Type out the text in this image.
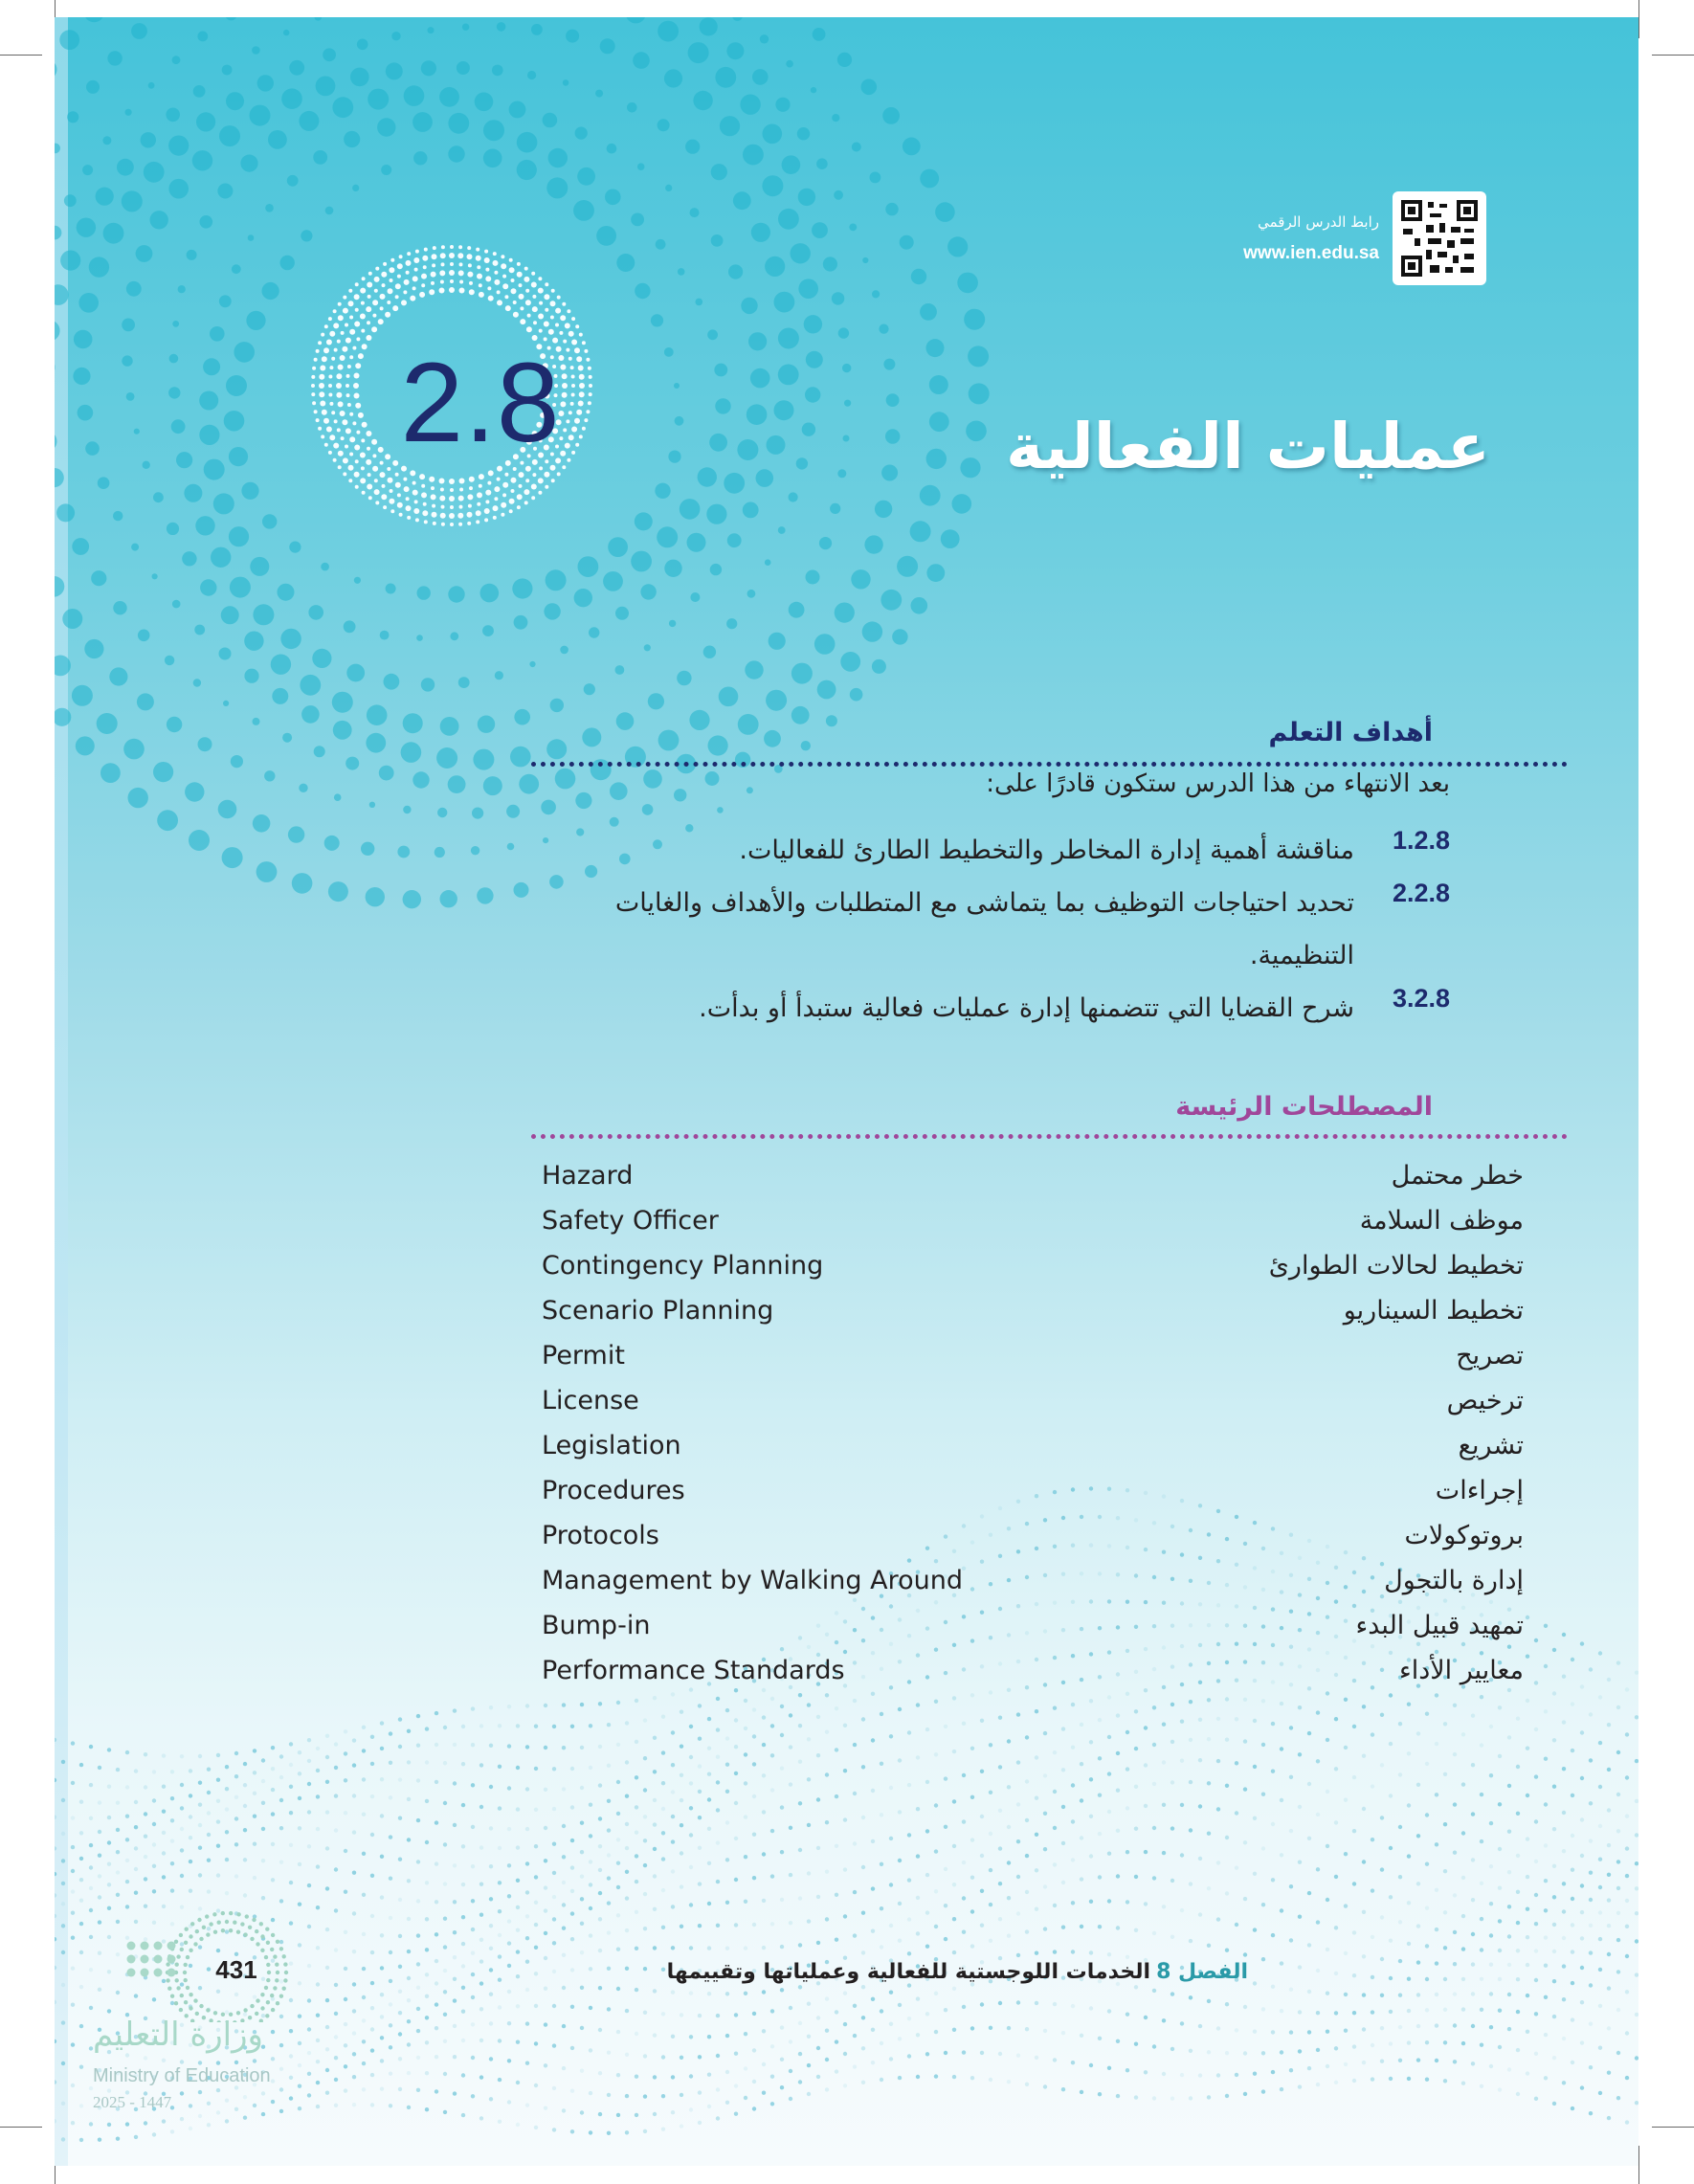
رابط الدرس الرقمي
www.ien.edu.sa
2.8	عمليات الفعالية
أهداف التعلم
بعد الانتهاء من هذا الدرس ستكون قادرًا على:
1.2.8
مناقشة أهمية إدارة المخاطر والتخطيط الطارئ للفعاليات.
2.2.8
تحديد احتياجات التوظيف بما يتماشى مع المتطلبات والأهداف والغايات التنظيمية.
3.2.8
شرح القضايا التي تتضمنها إدارة عمليات فعالية ستبدأ أو بدأت.
المصطلحات الرئيسة
Hazard	خطر محتمل
Safety Officer	موظف السلامة
Contingency Planning	تخطيط لحالات الطوارئ
Scenario Planning	تخطيط السيناريو
Permit	تصريح
License	ترخيص
Legislation	تشريع
Procedures	إجراءات
Protocols	بروتوكولات
Management by Walking Around	إدارة بالتجول
Bump-in	تمهيد قبيل البدء
Performance Standards	معايير الأداء
الفصل 8
الخدمات اللوجستية للفعالية وعملياتها وتقييمها
431
وزارة التعليم
Ministry of Education
2025 - 1447
